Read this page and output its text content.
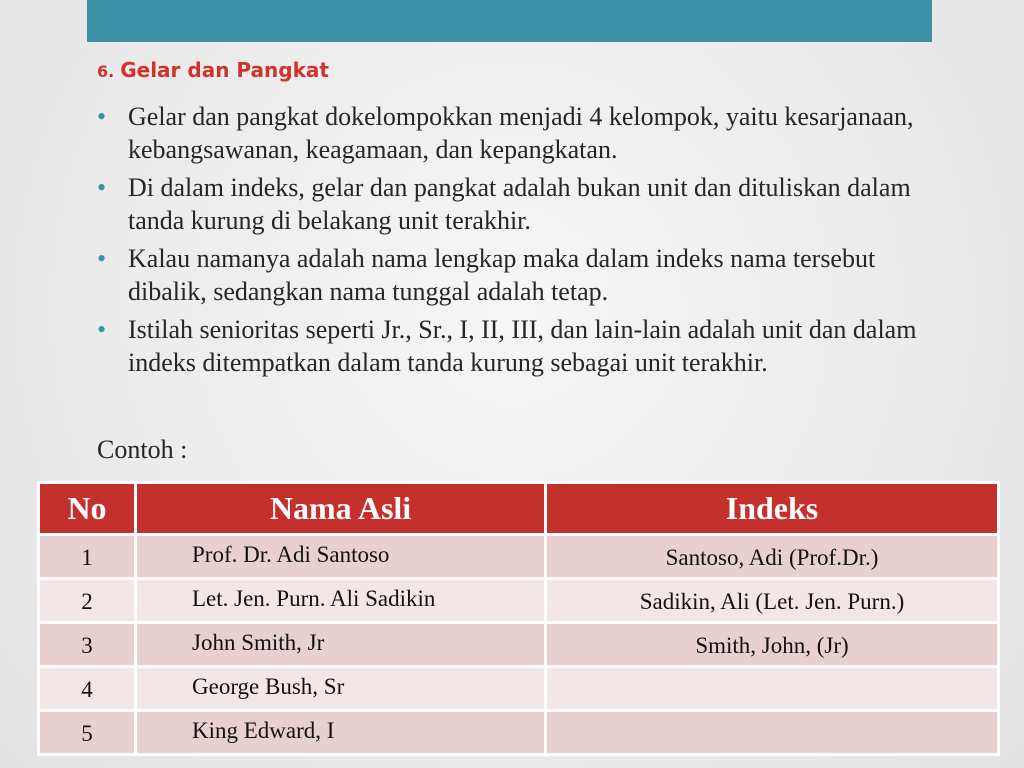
6. Gelar dan Pangkat
• Gelar dan pangkat dokelompokkan menjadi 4 kelompok, yaitu kesarjanaan, kebangsawanan, keagamaan, dan kepangkatan.
• Di dalam indeks, gelar dan pangkat adalah bukan unit dan dituliskan dalam tanda kurung di belakang unit terakhir.
• Kalau namanya adalah nama lengkap maka dalam indeks nama tersebut dibalik, sedangkan nama tunggal adalah tetap.
• Istilah senioritas seperti Jr., Sr., I, II, III, dan lain-lain adalah unit dan dalam indeks ditempatkan dalam tanda kurung sebagai unit terakhir.
Contoh :
No	Nama Asli	Indeks
1	Prof. Dr. Adi Santoso	Santoso, Adi (Prof.Dr.)
2	Let. Jen. Purn. Ali Sadikin	Sadikin, Ali (Let. Jen. Purn.)
3	John Smith, Jr	Smith, John, (Jr)
4	George Bush, Sr	
5	King Edward, I	
